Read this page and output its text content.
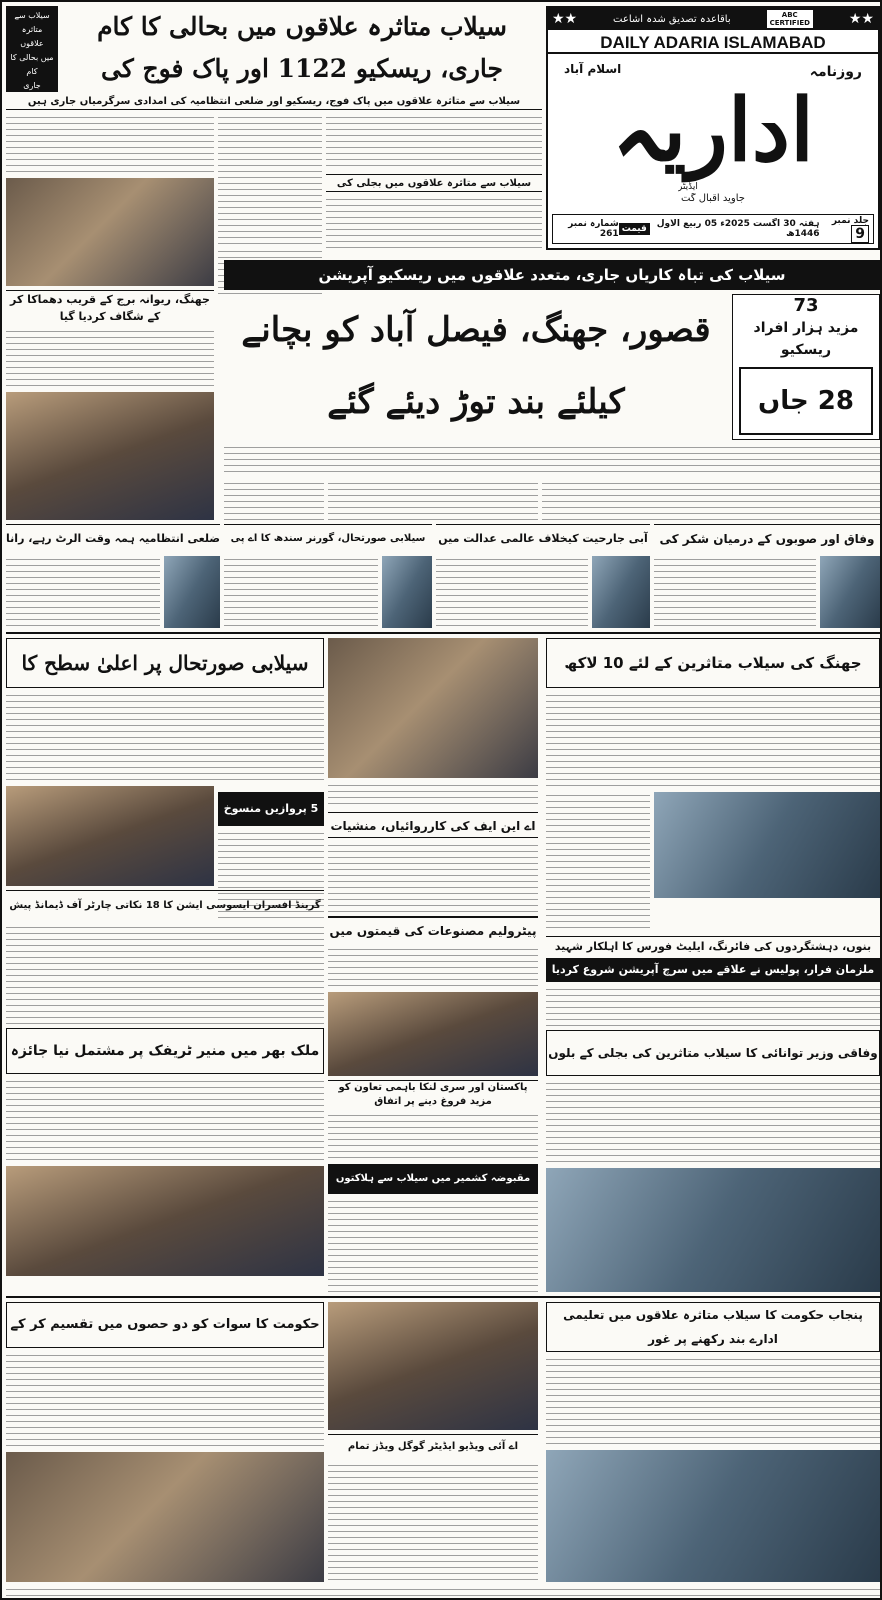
★★	باقاعدہ تصدیق شدہ اشاعت	ABC
CERTIFIED	★★
DAILY ADARIA ISLAMABAD
روزنامہ
اسلام آباد
اداریہ
ایڈیٹر
جاوید اقبال گت
جلد نمبر 9
ہفتہ 30 اگست 2025ء 05 ربیع الاول 1446ھ
قیمت
شمارہ نمبر 261
سیلاب سے
متاثرہ علاقوں
میں بحالی کا کام
جاری
سیلاب متاثرہ علاقوں میں بحالی کا کام جاری، ریسکیو 1122 اور پاک فوج کی
سیلاب سے متاثرہ علاقوں میں پاک فوج، ریسکیو اور ضلعی انتظامیہ کی امدادی سرگرمیاں جاری ہیں
سیلاب سے متاثرہ علاقوں میں بجلی کی
سیلاب کی تباہ کاریاں جاری، متعدد علاقوں میں ریسکیو آپریشن
73
مزید ہزار افراد ریسکیو
28 جاں
قصور، جھنگ، فیصل آباد کو بچانے کیلئے بند توڑ دیئے گئے
جھنگ، ریوانہ برج کے قریب دھماکا کر کے شگاف کردیا گیا
وفاق اور صوبوں کے درمیان شکر کی
آبی جارحیت کیخلاف عالمی عدالت میں
سیلابی صورتحال، گورنر سندھ کا اے پی
ضلعی انتظامیہ ہمہ وقت الرٹ رہے، رانا
سیلابی صورتحال پر اعلیٰ سطح کا	جھنگ کی سیلاب متاثرین کے لئے 10 لاکھ
اے این ایف کی کارروائیاں، منشیات
5 پروازیں منسوخ
پیٹرولیم مصنوعات کی قیمتوں میں
بنوں، دہشتگردوں کی فائرنگ، ایلیٹ فورس کا اہلکار شہید
ملزمان فرار، پولیس نے علاقے میں سرچ آپریشن شروع کردیا
گرینڈ افسران ایسوسی ایشن کا 18 نکاتی چارٹر آف ڈیمانڈ پیش
ملک بھر میں منیر ٹریفک پر مشتمل نیا جائزہ	وفاقی وزیر توانائی کا سیلاب متاثرین کی بجلی کے بلوں
پاکستان اور سری لنکا باہمی تعاون کو مزید فروغ دینے پر اتفاق
مقبوضہ کشمیر میں سیلاب سے ہلاکتوں
حکومت کا سوات کو دو حصوں میں تقسیم کر کے
اے آئی ویڈیو ایڈیٹر گوگل ویڈز تمام
پنجاب حکومت کا سیلاب متاثرہ علاقوں میں تعلیمی ادارے بند رکھنے پر غور
